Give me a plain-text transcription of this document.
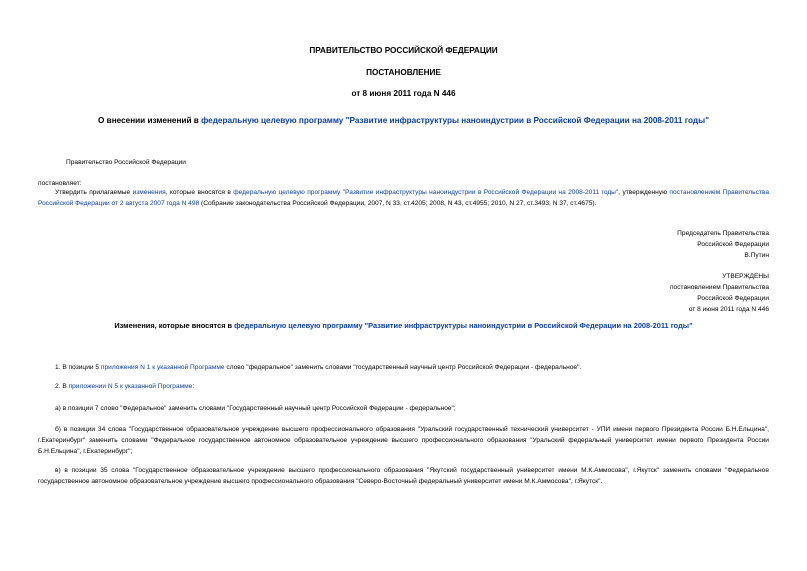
ПРАВИТЕЛЬСТВО РОССИЙСКОЙ ФЕДЕРАЦИИ
ПОСТАНОВЛЕНИЕ
от 8 июня 2011 года N 446
О внесении изменений в федеральную целевую программу "Развитие инфраструктуры наноиндустрии в Российской Федерации на 2008-2011 годы"
Правительство Российской Федерации
постановляет:
Утвердить прилагаемые изменения, которые вносятся в федеральную целевую программу "Развитие инфраструктуры наноиндустрии в Российской Федерации на 2008-2011 годы", утвержденную постановлением Правительства Российской Федерации от 2 августа 2007 года N 498 (Собрание законодательства Российской Федерации, 2007, N 33, ст.4205; 2008, N 43, ст.4955; 2010, N 27, ст.3493; N 37, ст.4675).
Председатель Правительства
Российской Федерации
В.Путин
УТВЕРЖДЕНЫ
постановлением Правительства
Российской Федерации
от 8 июня 2011 года N 446
Изменения, которые вносятся в федеральную целевую программу "Развитие инфраструктуры наноиндустрии в Российской Федерации на 2008-2011 годы"
1. В позиции 5 приложения N 1 к указанной Программе слово "федеральное" заменить словами "государственный научный центр Российской Федерации - федеральное".
2. В приложении N 5 к указанной Программе:
а) в позиции 7 слово "Федеральное" заменить словами "Государственный научный центр Российской Федерации - федеральное";
б) в позиции 34 слова "Государственное образовательное учреждение высшего профессионального образования "Уральский государственный технический университет - УПИ имени первого Президента России Б.Н.Ельцина", г.Екатеринбург" заменить словами "Федеральное государственное автономное образовательное учреждение высшего профессионального образования "Уральский федеральный университет имени первого Президента России Б.Н.Ельцина", г.Екатеринбург";
в) в позиции 35 слова "Государственное образовательное учреждение высшего профессионального образования "Якутский государственный университет имени М.К.Аммосова", г.Якутск" заменить словами "Федеральное государственное автономное образовательное учреждение высшего профессионального образования "Северо-Восточный федеральный университет имени М.К.Аммосова", г.Якутск".
